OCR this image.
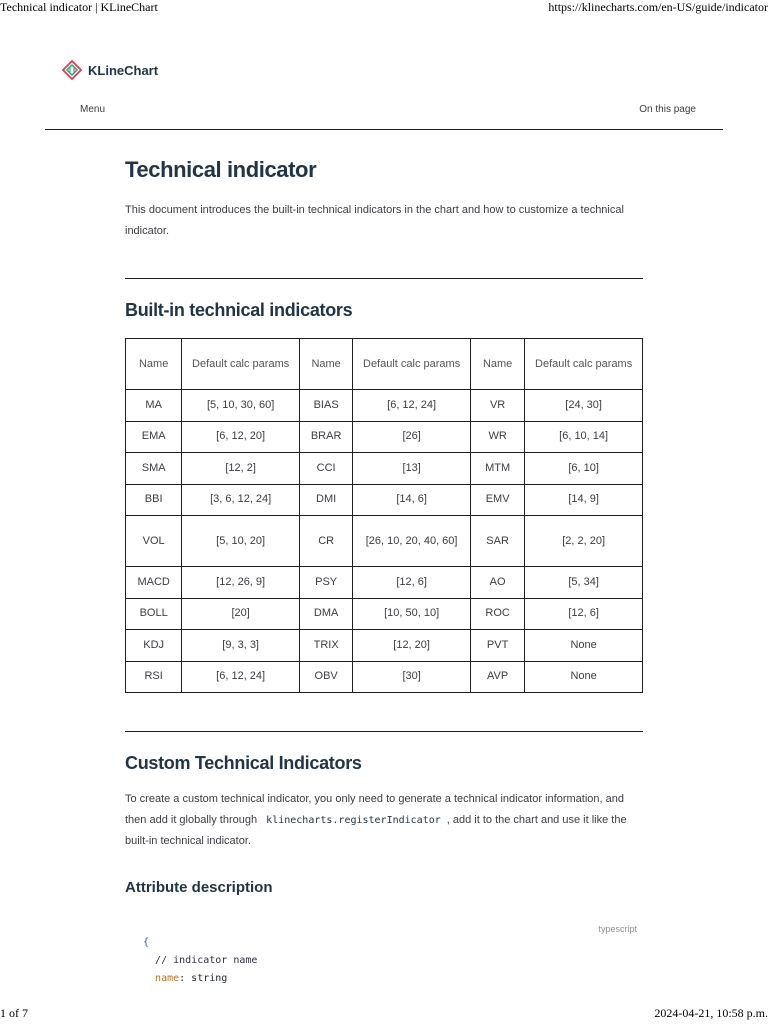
Technical indicator | KLineChart	https://klinecharts.com/en-US/guide/indicator
KLineChart
Menu	On this page
Technical indicator

This document introduces the built-in technical indicators in the chart and how to customize a technical indicator.

Built-in technical indicators
Name	Default calc params	Name	Default calc params	Name	Default calc params
MA	[5, 10, 30, 60]	BIAS	[6, 12, 24]	VR	[24, 30]
EMA	[6, 12, 20]	BRAR	[26]	WR	[6, 10, 14]
SMA	[12, 2]	CCI	[13]	MTM	[6, 10]
BBI	[3, 6, 12, 24]	DMI	[14, 6]	EMV	[14, 9]
VOL	[5, 10, 20]	CR	[26, 10, 20, 40, 60]	SAR	[2, 2, 20]
MACD	[12, 26, 9]	PSY	[12, 6]	AO	[5, 34]
BOLL	[20]	DMA	[10, 50, 10]	ROC	[12, 6]
KDJ	[9, 3, 3]	TRIX	[12, 20]	PVT	None
RSI	[6, 12, 24]	OBV	[30]	AVP	None
Custom Technical Indicators

To create a custom technical indicator, you only need to generate a technical indicator information, and then add it globally through klinecharts.registerIndicator , add it to the chart and use it like the built-in technical indicator.

Attribute description
typescript
{
// indicator name
name: string
1 of 7	2024-04-21, 10:58 p.m.
